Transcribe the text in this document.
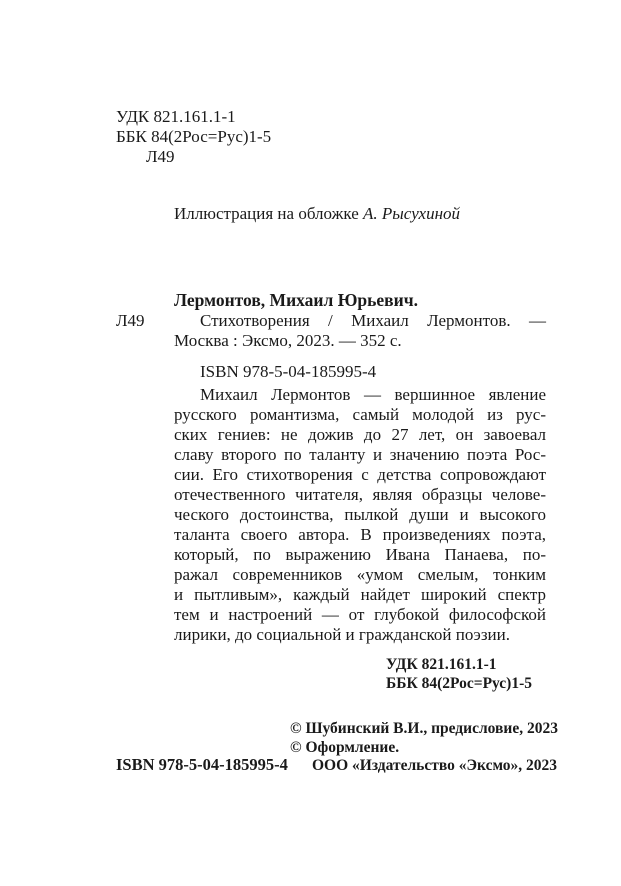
УДК 821.161.1-1
ББК 84(2Рос=Рус)1-5
Л49
Иллюстрация на обложке А. Рысухиной
Лермонтов, Михаил Юрьевич.
Л49	Стихотворения / Михаил Лермонтов. —
Москва : Эксмо, 2023. — 352 с.
ISBN 978-5-04-185995-4
Михаил Лермонтов — вершинное явление
русского романтизма, самый молодой из рус-
ских гениев: не дожив до 27 лет, он завоевал
славу второго по таланту и значению поэта Рос-
сии. Его стихотворения с детства сопровождают
отечественного читателя, являя образцы челове-
ческого достоинства, пылкой души и высокого
таланта своего автора. В произведениях поэта,
который, по выражению Ивана Панаева, по-
ражал современников «умом смелым, тонким
и пытливым», каждый найдет широкий спектр
тем и настроений — от глубокой философской
лирики, до социальной и гражданской поэзии.
УДК 821.161.1-1
ББК 84(2Рос=Рус)1-5
© Шубинский В.И., предисловие, 2023
© Оформление.
ISBN 978-5-04-185995-4 ООО «Издательство «Эксмо», 2023
